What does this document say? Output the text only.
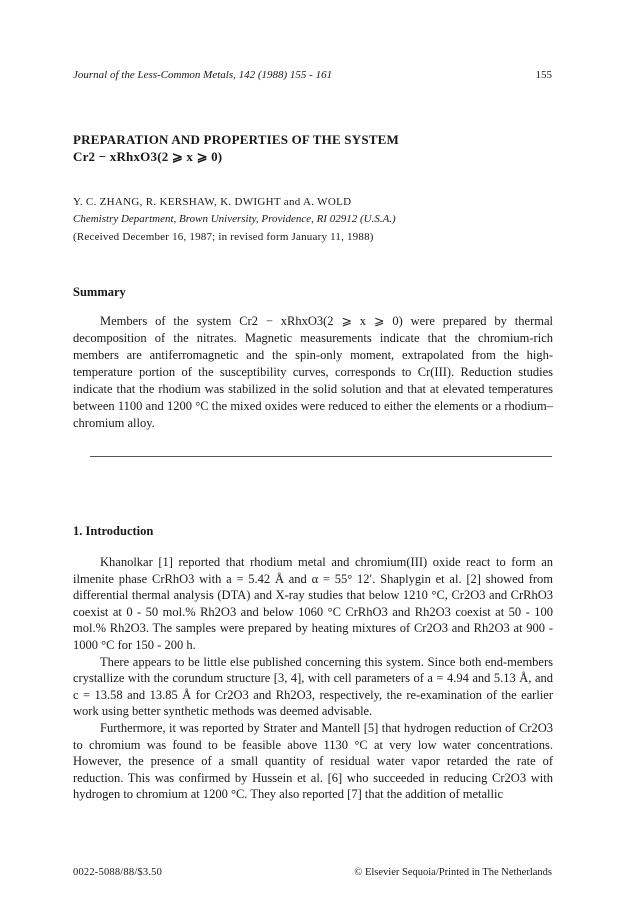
Journal of the Less-Common Metals, 142 (1988) 155 - 161	155
PREPARATION AND PROPERTIES OF THE SYSTEM
Cr2 − xRhxO3(2 ⩾ x ⩾ 0)
Y. C. ZHANG, R. KERSHAW, K. DWIGHT and A. WOLD
Chemistry Department, Brown University, Providence, RI 02912 (U.S.A.)
(Received December 16, 1987; in revised form January 11, 1988)
Summary

Members of the system Cr2 − xRhxO3(2 ⩾ x ⩾ 0) were prepared by thermal decomposition of the nitrates. Magnetic measurements indicate that the chromium-rich members are antiferromagnetic and the spin-only moment, extrapolated from the high-temperature portion of the susceptibility curves, corresponds to Cr(III). Reduction studies indicate that the rhodium was stabilized in the solid solution and that at elevated temperatures between 1100 and 1200 °C the mixed oxides were reduced to either the elements or a rhodium–chromium alloy.

1. Introduction

Khanolkar [1] reported that rhodium metal and chromium(III) oxide react to form an ilmenite phase CrRhO3 with a = 5.42 Å and α = 55° 12′. Shaplygin et al. [2] showed from differential thermal analysis (DTA) and X-ray studies that below 1210 °C, Cr2O3 and CrRhO3 coexist at 0 - 50 mol.% Rh2O3 and below 1060 °C CrRhO3 and Rh2O3 coexist at 50 - 100 mol.% Rh2O3. The samples were prepared by heating mixtures of Cr2O3 and Rh2O3 at 900 - 1000 °C for 150 - 200 h.

There appears to be little else published concerning this system. Since both end-members crystallize with the corundum structure [3, 4], with cell parameters of a = 4.94 and 5.13 Å, and c = 13.58 and 13.85 Å for Cr2O3 and Rh2O3, respectively, the re-examination of the earlier work using better synthetic methods was deemed advisable.

Furthermore, it was reported by Strater and Mantell [5] that hydrogen reduction of Cr2O3 to chromium was found to be feasible above 1130 °C at very low water concentrations. However, the presence of a small quantity of residual water vapor retarded the rate of reduction. This was confirmed by Hussein et al. [6] who succeeded in reducing Cr2O3 with hydrogen to chromium at 1200 °C. They also reported [7] that the addition of metallic

0022-5088/88/$3.50	© Elsevier Sequoia/Printed in The Netherlands
